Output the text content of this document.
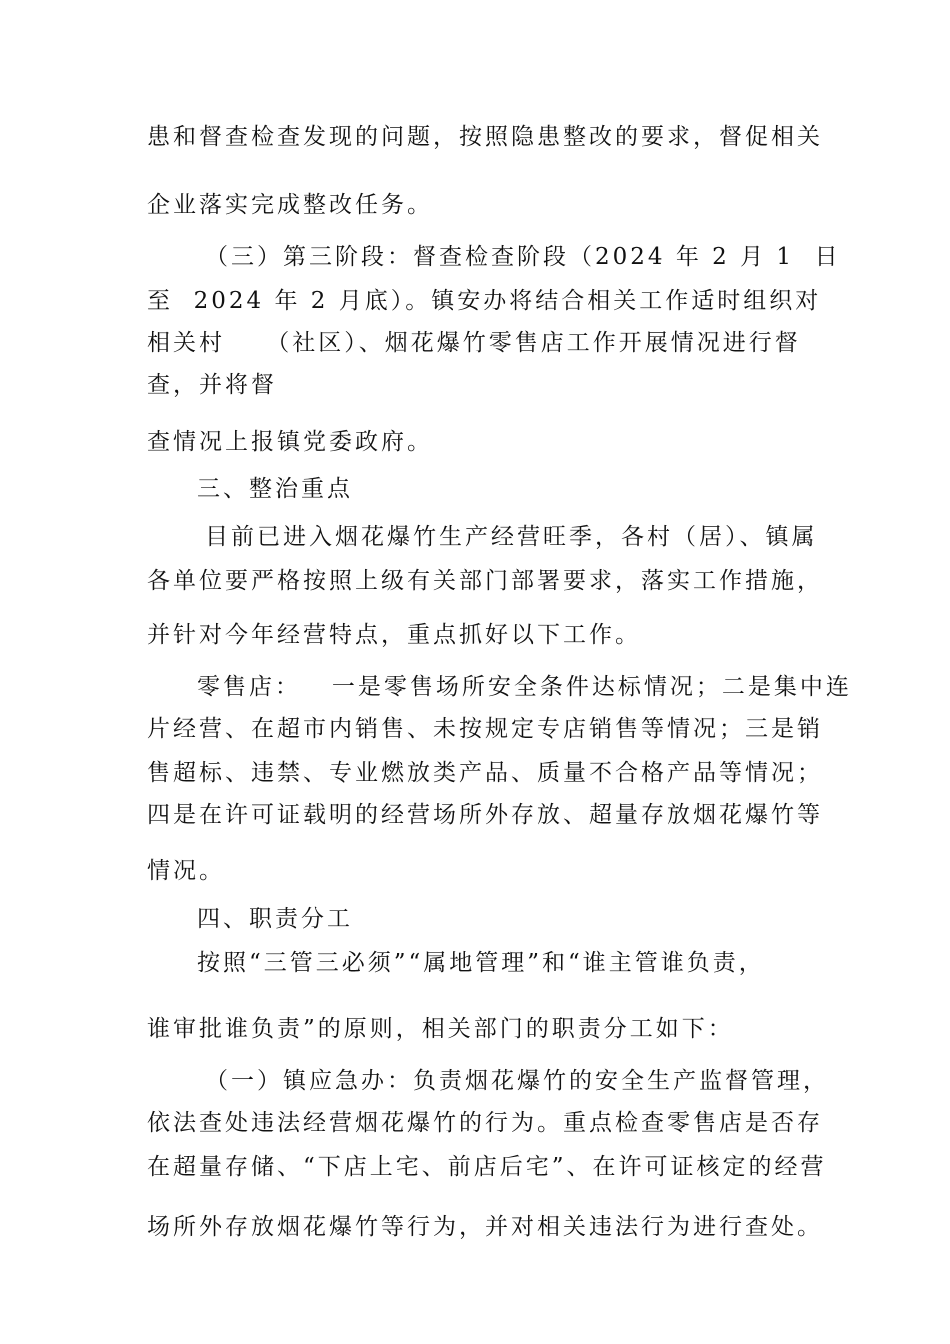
患和督查检查发现的问题，按照隐患整改的要求，督促相关
企业落实完成整改任务。
（三）第三阶段：督查检查阶段（2024 年 2 月 1  日
至  2024 年 2 月底）。镇安办将结合相关工作适时组织对
相关村    （社区）、烟花爆竹零售店工作开展情况进行督
查，并将督
查情况上报镇党委政府。
三、整治重点
目前已进入烟花爆竹生产经营旺季，各村（居）、镇属
各单位要严格按照上级有关部门部署要求，落实工作措施，
并针对今年经营特点，重点抓好以下工作。
零售店：   一是零售场所安全条件达标情况；二是集中连
片经营、在超市内销售、未按规定专店销售等情况；三是销
售超标、违禁、专业燃放类产品、质量不合格产品等情况；
四是在许可证载明的经营场所外存放、超量存放烟花爆竹等
情况。
四、职责分工
按照“三管三必须”“属地管理”和“谁主管谁负责，
谁审批谁负责”的原则，相关部门的职责分工如下：
（一）镇应急办：负责烟花爆竹的安全生产监督管理，
依法查处违法经营烟花爆竹的行为。重点检查零售店是否存
在超量存储、“下店上宅、前店后宅”、在许可证核定的经营
场所外存放烟花爆竹等行为，并对相关违法行为进行查处。
